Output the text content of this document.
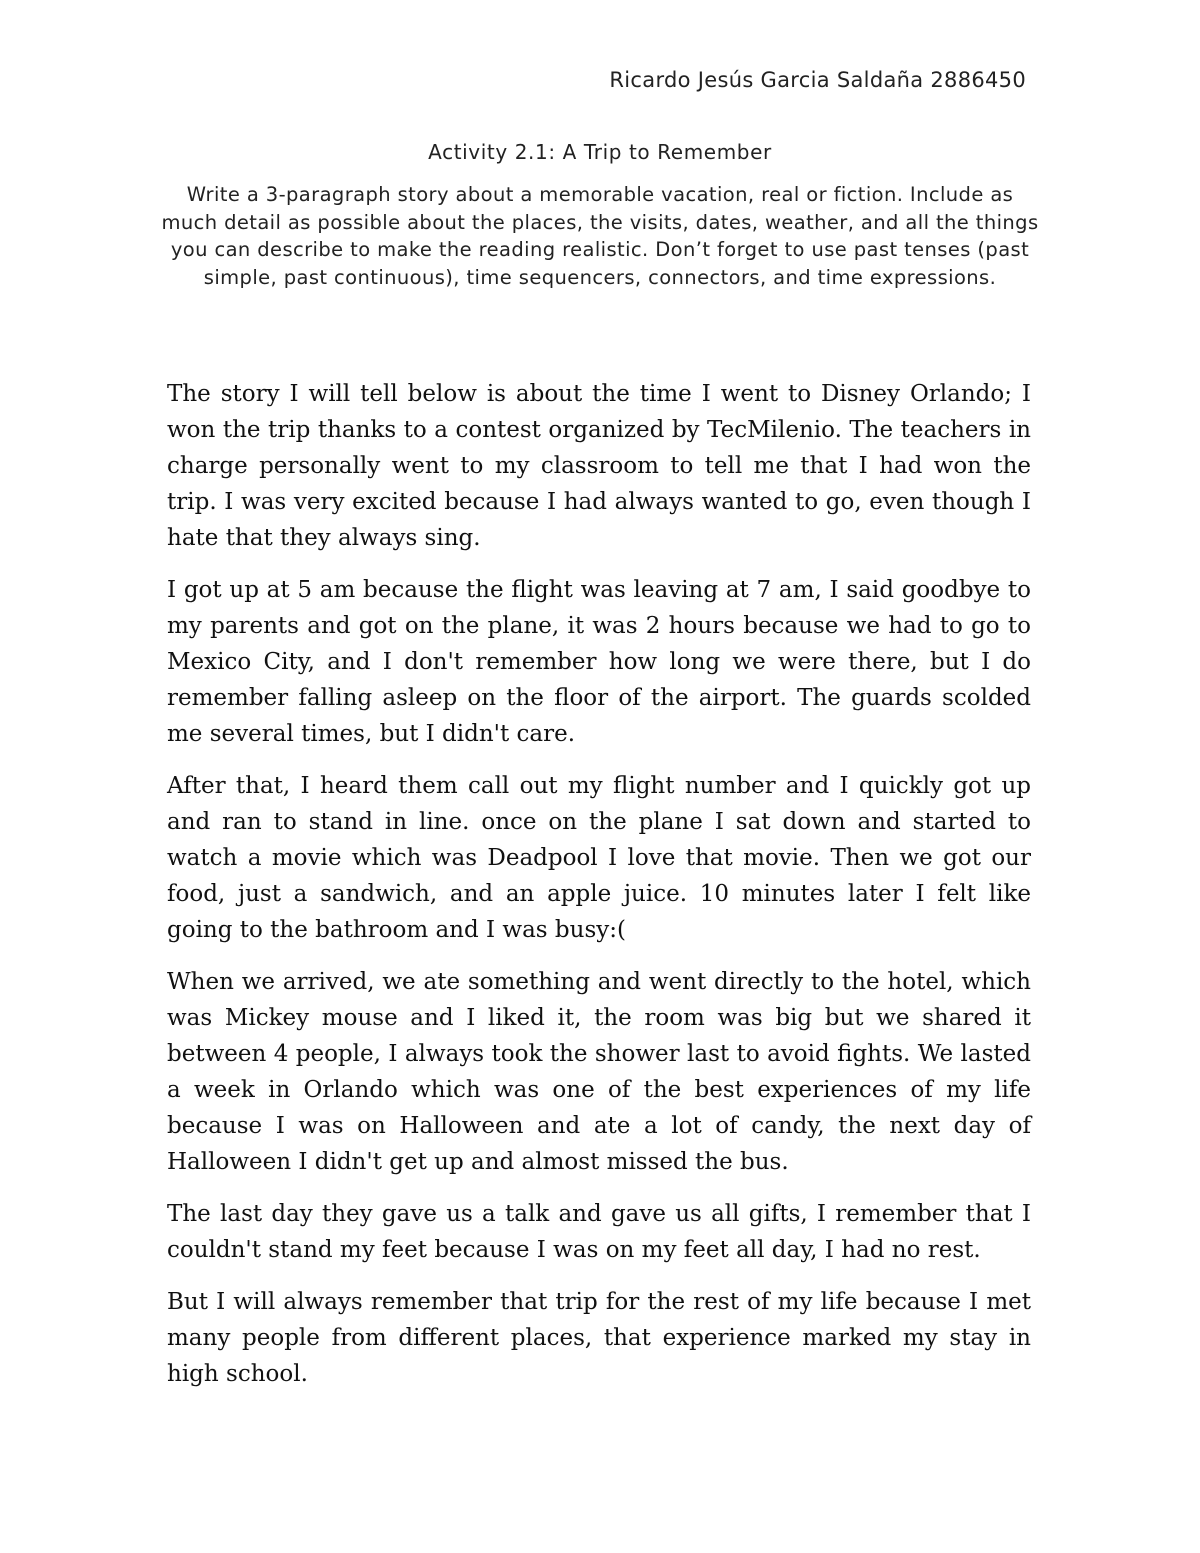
Ricardo Jesús Garcia Saldaña 2886450
Activity 2.1: A Trip to Remember
Write a 3-paragraph story about a memorable vacation, real or fiction. Include as much detail as possible about the places, the visits, dates, weather, and all the things you can describe to make the reading realistic. Don’t forget to use past tenses (past simple, past continuous), time sequencers, connectors, and time expressions.

The story I will tell below is about the time I went to Disney Orlando; I won the trip thanks to a contest organized by TecMilenio. The teachers in charge personally went to my classroom to tell me that I had won the trip. I was very excited because I had always wanted to go, even though I hate that they always sing.

I got up at 5 am because the flight was leaving at 7 am, I said goodbye to my parents and got on the plane, it was 2 hours because we had to go to Mexico City, and I don't remember how long we were there, but I do remember falling asleep on the floor of the airport. The guards scolded me several times, but I didn't care.

After that, I heard them call out my flight number and I quickly got up and ran to stand in line. once on the plane I sat down and started to watch a movie which was Deadpool I love that movie. Then we got our food, just a sandwich, and an apple juice. 10 minutes later I felt like going to the bathroom and I was busy:(

When we arrived, we ate something and went directly to the hotel, which was Mickey mouse and I liked it, the room was big but we shared it between 4 people, I always took the shower last to avoid fights. We lasted a week in Orlando which was one of the best experiences of my life because I was on Halloween and ate a lot of candy, the next day of Halloween I didn't get up and almost missed the bus.

The last day they gave us a talk and gave us all gifts, I remember that I couldn't stand my feet because I was on my feet all day, I had no rest.

But I will always remember that trip for the rest of my life because I met many people from different places, that experience marked my stay in high school.
